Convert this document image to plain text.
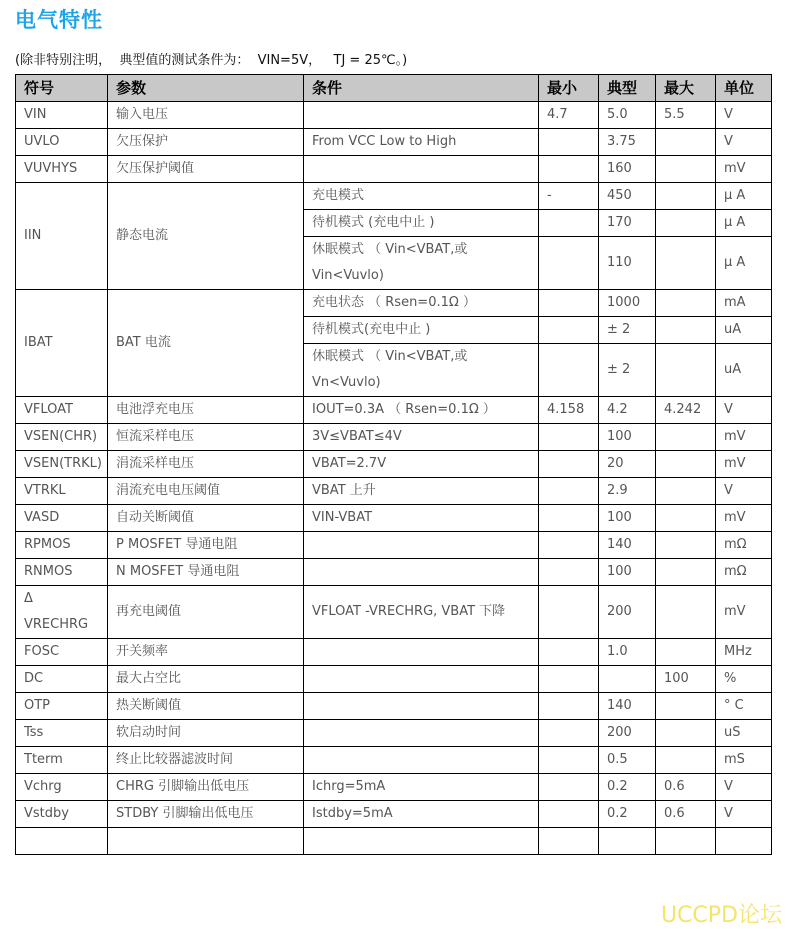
电气特性
(除非特别注明，  典型值的测试条件为：  VIN=5V，   TJ = 25℃。)
符号	参数	条件	最小	典型	最大	单位
VIN	输入电压		4.7	5.0	5.5	V
UVLO	欠压保护	From VCC Low to High		3.75		V
VUVHYS	欠压保护阈值			160		mV
IIN	静态电流	充电模式	-	450		μ A
		待机模式 (充电中止 )		170		μ A
		休眠模式 （ Vin<VBAT,或 Vin<Vuvlo)		110		μ A
IBAT	BAT 电流	充电状态 （ Rsen=0.1Ω ）		1000		mA
		待机模式(充电中止 )		± 2		uA
		休眠模式 （ Vin<VBAT,或 Vn<Vuvlo)		± 2		uA
VFLOAT	电池浮充电压	IOUT=0.3A （ Rsen=0.1Ω ）	4.158	4.2	4.242	V
VSEN(CHR)	恒流采样电压	3V≤VBAT≤4V		100		mV
VSEN(TRKL)	涓流采样电压	VBAT=2.7V		20		mV
VTRKL	涓流充电电压阈值	VBAT 上升		2.9		V
VASD	自动关断阈值	VIN-VBAT		100		mV
RPMOS	P MOSFET 导通电阻			140		mΩ
RNMOS	N MOSFET 导通电阻			100		mΩ
Δ VRECHRG	再充电阈值	VFLOAT -VRECHRG, VBAT 下降		200		mV
FOSC	开关频率			1.0		MHz
DC	最大占空比				100	%
OTP	热关断阈值			140		° C
Tss	软启动时间			200		uS
Tterm	终止比较器滤波时间			0.5		mS
Vchrg	CHRG 引脚输出低电压	Ichrg=5mA		0.2	0.6	V
Vstdby	STDBY 引脚输出低电压	Istdby=5mA		0.2	0.6	V

UCCPD论坛
